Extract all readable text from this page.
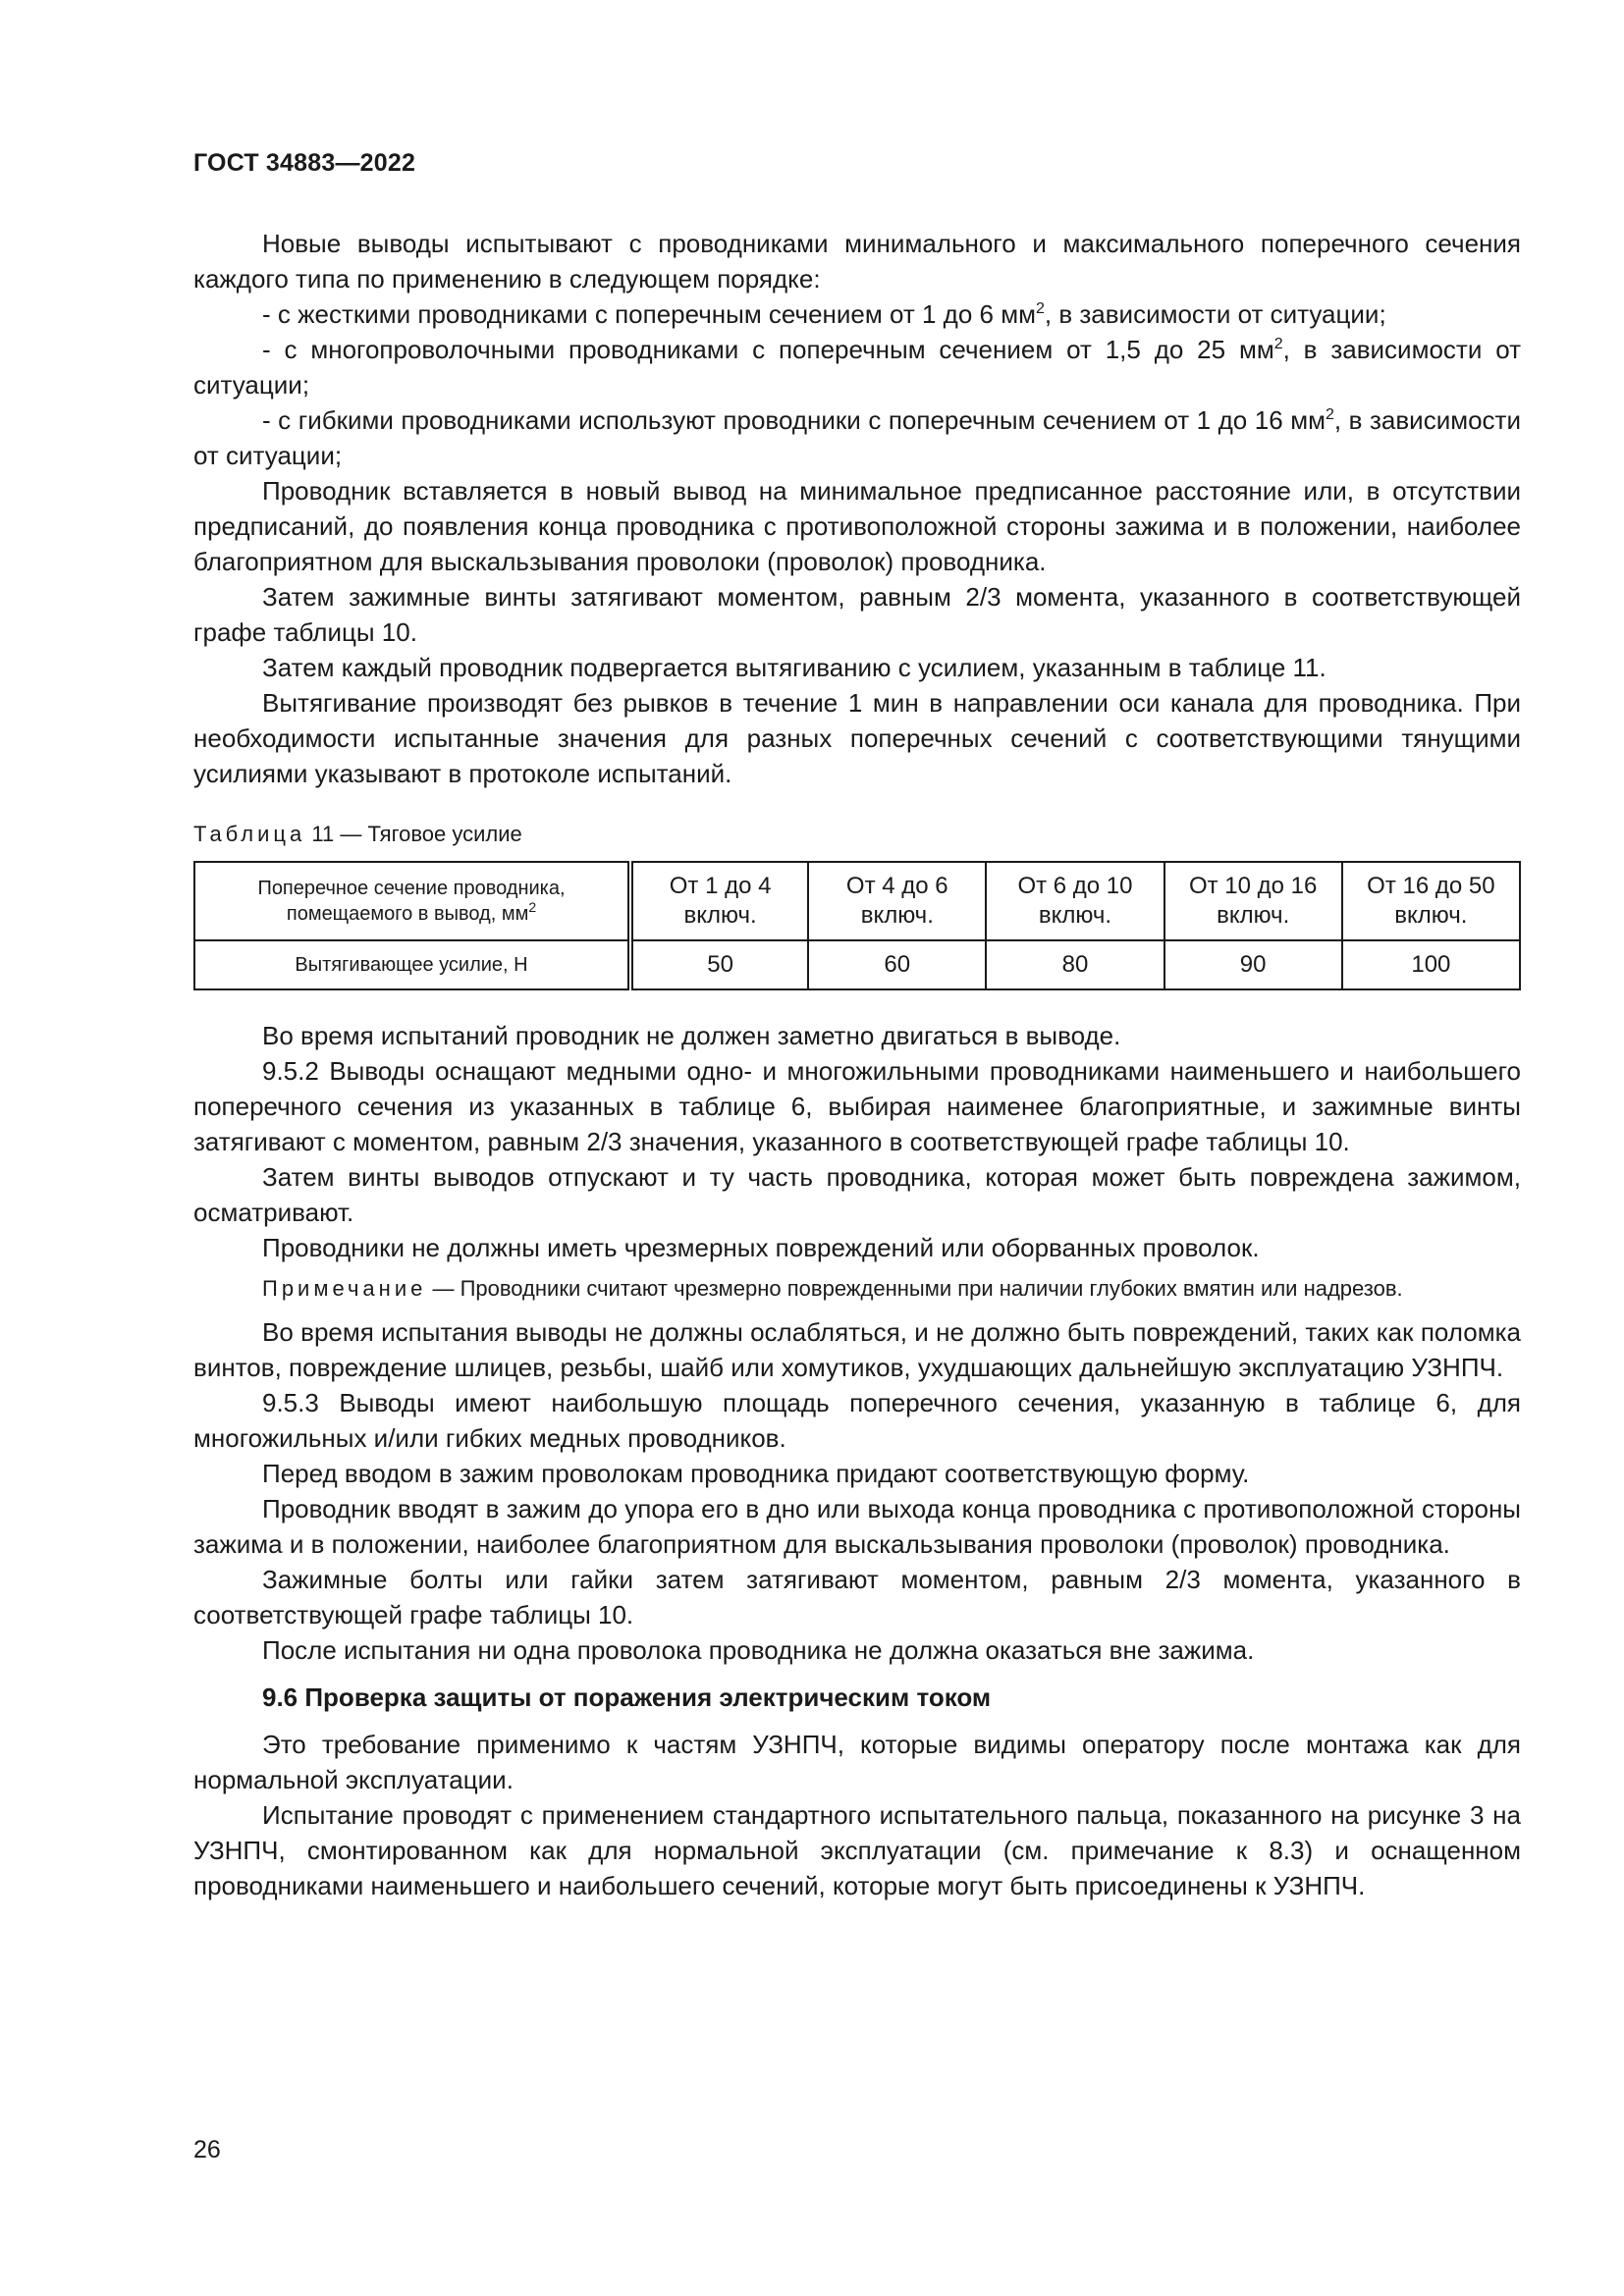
ГОСТ 34883—2022

Новые выводы испытывают с проводниками минимального и максимального поперечного сечения каждого типа по применению в следующем порядке:

- с жесткими проводниками с поперечным сечением от 1 до 6 $мм^2$, в зависимости от ситуации;

- с многопроволочными проводниками с поперечным сечением от 1,5 до 25 $мм^2$, в зависимости от ситуации;

- с гибкими проводниками используют проводники с поперечным сечением от 1 до 16 $мм^2$, в зависимости от ситуации;

Проводник вставляется в новый вывод на минимальное предписанное расстояние или, в отсутствии предписаний, до появления конца проводника с противоположной стороны зажима и в положении, наиболее благоприятном для выскальзывания проволоки (проволок) проводника.

Затем зажимные винты затягивают моментом, равным 2/3 момента, указанного в соответствующей графе таблицы 10.

Затем каждый проводник подвергается вытягиванию с усилием, указанным в таблице 11.

Вытягивание производят без рывков в течение 1 мин в направлении оси канала для проводника. При необходимости испытанные значения для разных поперечных сечений с соответствующими тянущими усилиями указывают в протоколе испытаний.

Таблица 11 — Тяговое усилие
Поперечное сечение проводника, помещаемого в вывод, $мм^2$	От 1 до 4 включ.	От 4 до 6 включ.	От 6 до 10 включ.	От 10 до 16 включ.	От 16 до 50 включ.
Вытягивающее усилие, Н	50	60	80	90	100

Во время испытаний проводник не должен заметно двигаться в выводе.

9.5.2 Выводы оснащают медными одно- и многожильными проводниками наименьшего и наибольшего поперечного сечения из указанных в таблице 6, выбирая наименее благоприятные, и зажимные винты затягивают с моментом, равным 2/3 значения, указанного в соответствующей графе таблицы 10.

Затем винты выводов отпускают и ту часть проводника, которая может быть повреждена зажимом, осматривают.

Проводники не должны иметь чрезмерных повреждений или оборванных проволок.

Примечание — Проводники считают чрезмерно поврежденными при наличии глубоких вмятин или надрезов.

Во время испытания выводы не должны ослабляться, и не должно быть повреждений, таких как поломка винтов, повреждение шлицев, резьбы, шайб или хомутиков, ухудшающих дальнейшую эксплуатацию УЗНПЧ.

9.5.3 Выводы имеют наибольшую площадь поперечного сечения, указанную в таблице 6, для многожильных и/или гибких медных проводников.

Перед вводом в зажим проволокам проводника придают соответствующую форму.

Проводник вводят в зажим до упора его в дно или выхода конца проводника с противоположной стороны зажима и в положении, наиболее благоприятном для выскальзывания проволоки (проволок) проводника.

Зажимные болты или гайки затем затягивают моментом, равным 2/3 момента, указанного в соответствующей графе таблицы 10.

После испытания ни одна проволока проводника не должна оказаться вне зажима.

9.6 Проверка защиты от поражения электрическим током

Это требование применимо к частям УЗНПЧ, которые видимы оператору после монтажа как для нормальной эксплуатации.

Испытание проводят с применением стандартного испытательного пальца, показанного на рисунке 3 на УЗНПЧ, смонтированном как для нормальной эксплуатации (см. примечание к 8.3) и оснащенном проводниками наименьшего и наибольшего сечений, которые могут быть присоединены к УЗНПЧ.

26
